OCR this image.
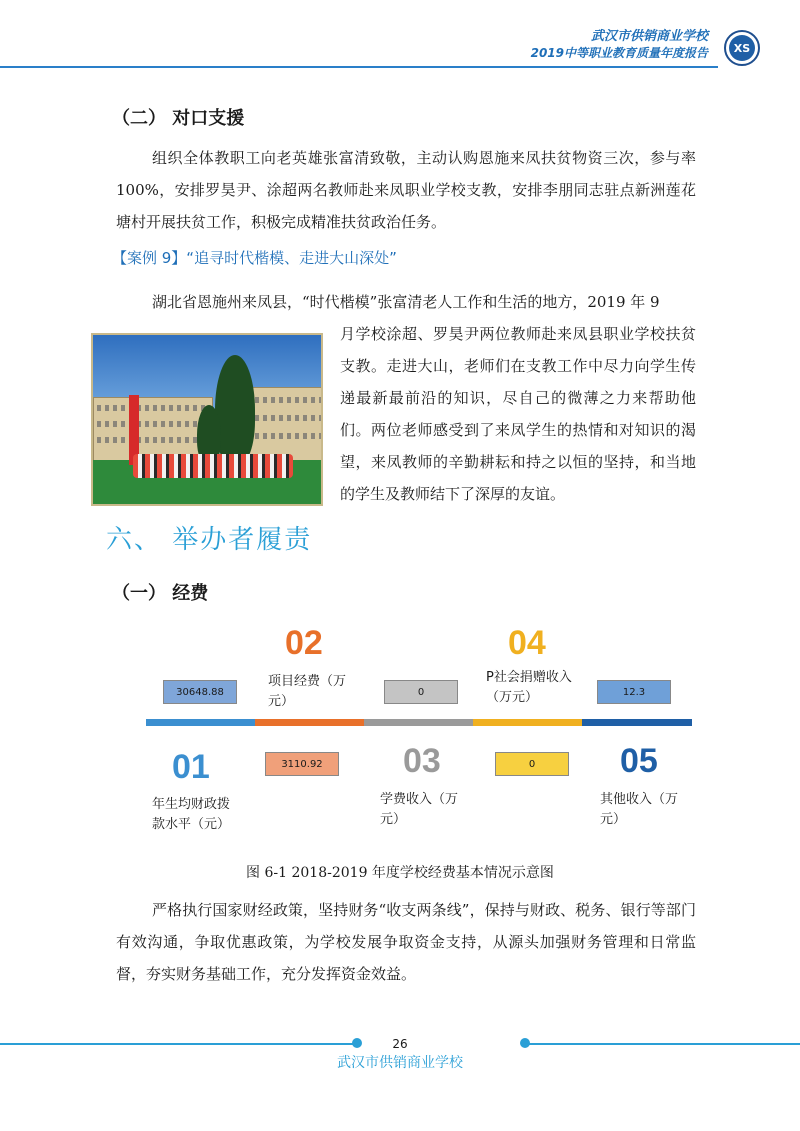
武汉市供销商业学校
2019中等职业教育质量年度报告	XS
（二） 对口支援
组织全体教职工向老英雄张富清致敬，主动认购恩施来凤扶贫物资三次，参与率 100%，安排罗昊尹、涂超两名教师赴来凤职业学校支教，安排李朋同志驻点新洲莲花塘村开展扶贫工作，积极完成精准扶贫政治任务。
【案例 9】“追寻时代楷模、走进大山深处”
湖北省恩施州来凤县，“时代楷模”张富清老人工作和生活的地方，2019 年 9
月学校涂超、罗昊尹两位教师赴来凤县职业学校扶贫支教。走进大山，老师们在支教工作中尽力向学生传递最新最前沿的知识，尽自己的微薄之力来帮助他们。两位老师感受到了来凤学生的热情和对知识的渴望，来凤教师的辛勤耕耘和持之以恒的坚持，和当地的学生及教师结下了深厚的友谊。
六、 举办者履责
（一） 经费
01
02
03
04
05
30648.88
3110.92
0
0
12.3
年生均财政拨款水平（元）
项目经费（万元）
学费收入（万元）
P社会捐赠收入（万元）
其他收入（万元）
图 6-1 2018-2019 年度学校经费基本情况示意图
严格执行国家财经政策，坚持财务“收支两条线”，保持与财政、税务、银行等部门有效沟通，争取优惠政策，为学校发展争取资金支持，从源头加强财务管理和日常监督，夯实财务基础工作，充分发挥资金效益。
26
武汉市供销商业学校
